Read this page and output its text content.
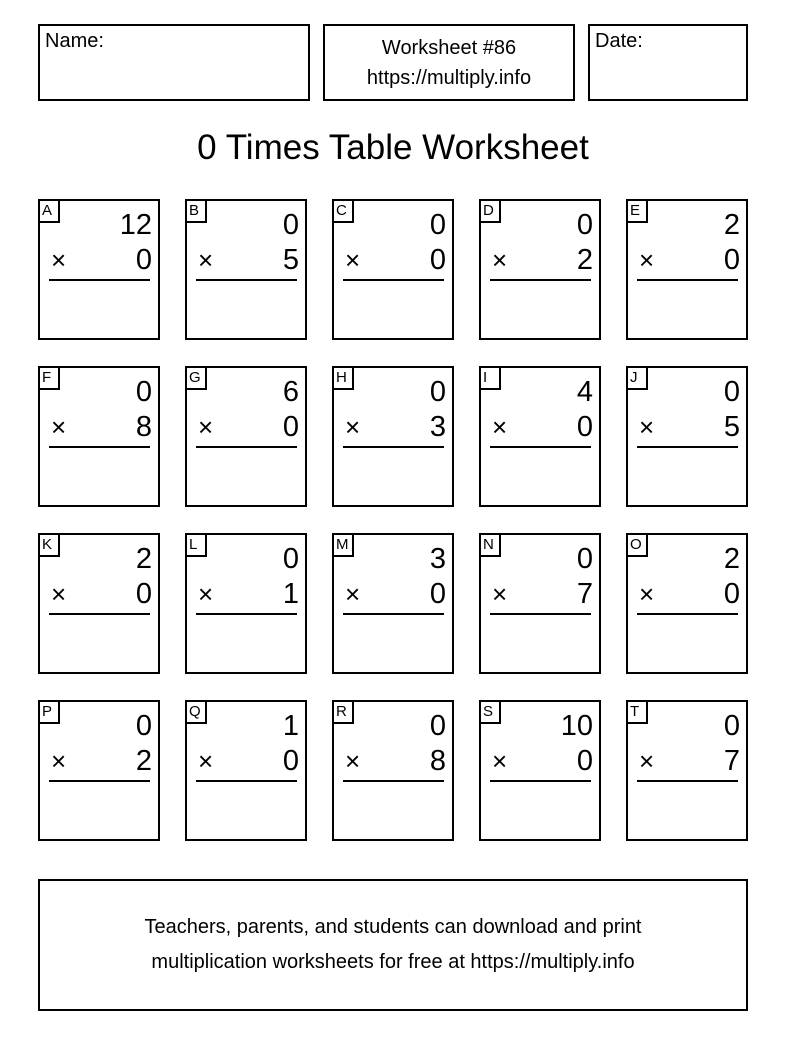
Name:	Worksheet #86
https://multiply.info
Date:
0 Times Table Worksheet
A 12
× 0
B	0
× 5
C	0
× 0
D	0
× 2
E	2
× 0
F	0
× 8
G	6
× 0
H	0
× 3
I	4
× 0
J	0
× 5
K	2
× 0
L	0
× 1
M	3
× 0
N	0
× 7
O	2
× 0
P	0
× 2
Q	1
× 0
R	0
× 8
S 10
× 0
T	0
× 7
Teachers, parents, and students can download and print
multiplication worksheets for free at https://multiply.info
